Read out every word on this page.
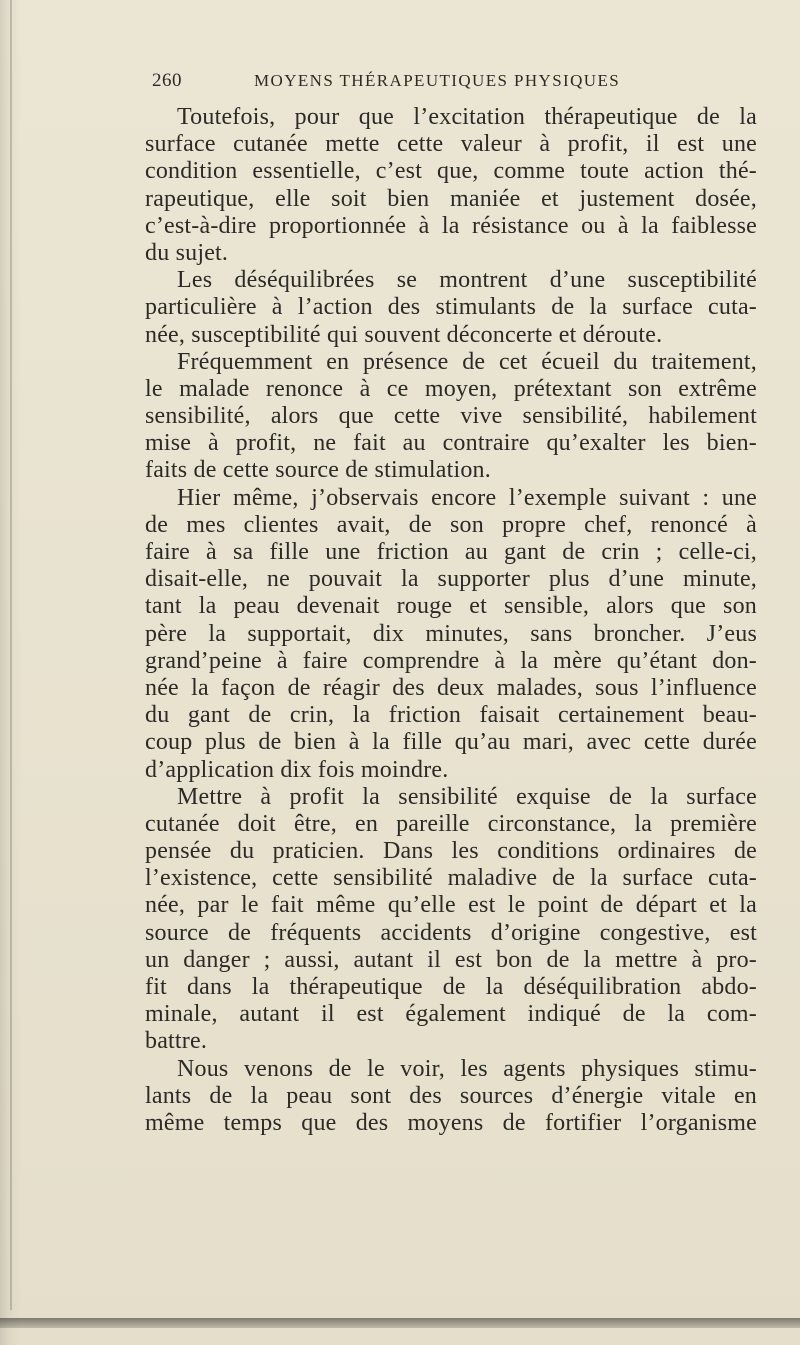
260	MOYENS THÉRAPEUTIQUES PHYSIQUES
Toutefois, pour que l’excitation thérapeutique de la
surface cutanée mette cette valeur à profit, il est une
condition essentielle, c’est que, comme toute action thé-
rapeutique, elle soit bien maniée et justement dosée,
c’est-à-dire proportionnée à la résistance ou à la faiblesse
du sujet.
Les déséquilibrées se montrent d’une susceptibilité
particulière à l’action des stimulants de la surface cuta-
née, susceptibilité qui souvent déconcerte et déroute.
Fréquemment en présence de cet écueil du traitement,
le malade renonce à ce moyen, prétextant son extrême
sensibilité, alors que cette vive sensibilité, habilement
mise à profit, ne fait au contraire qu’exalter les bien-
faits de cette source de stimulation.
Hier même, j’observais encore l’exemple suivant : une
de mes clientes avait, de son propre chef, renoncé à
faire à sa fille une friction au gant de crin ; celle-ci,
disait-elle, ne pouvait la supporter plus d’une minute,
tant la peau devenait rouge et sensible, alors que son
père la supportait, dix minutes, sans broncher. J’eus
grand’peine à faire comprendre à la mère qu’étant don-
née la façon de réagir des deux malades, sous l’influence
du gant de crin, la friction faisait certainement beau-
coup plus de bien à la fille qu’au mari, avec cette durée
d’application dix fois moindre.
Mettre à profit la sensibilité exquise de la surface
cutanée doit être, en pareille circonstance, la première
pensée du praticien. Dans les conditions ordinaires de
l’existence, cette sensibilité maladive de la surface cuta-
née, par le fait même qu’elle est le point de départ et la
source de fréquents accidents d’origine congestive, est
un danger ; aussi, autant il est bon de la mettre à pro-
fit dans la thérapeutique de la déséquilibration abdo-
minale, autant il est également indiqué de la com-
battre.
Nous venons de le voir, les agents physiques stimu-
lants de la peau sont des sources d’énergie vitale en
même temps que des moyens de fortifier l’organisme
